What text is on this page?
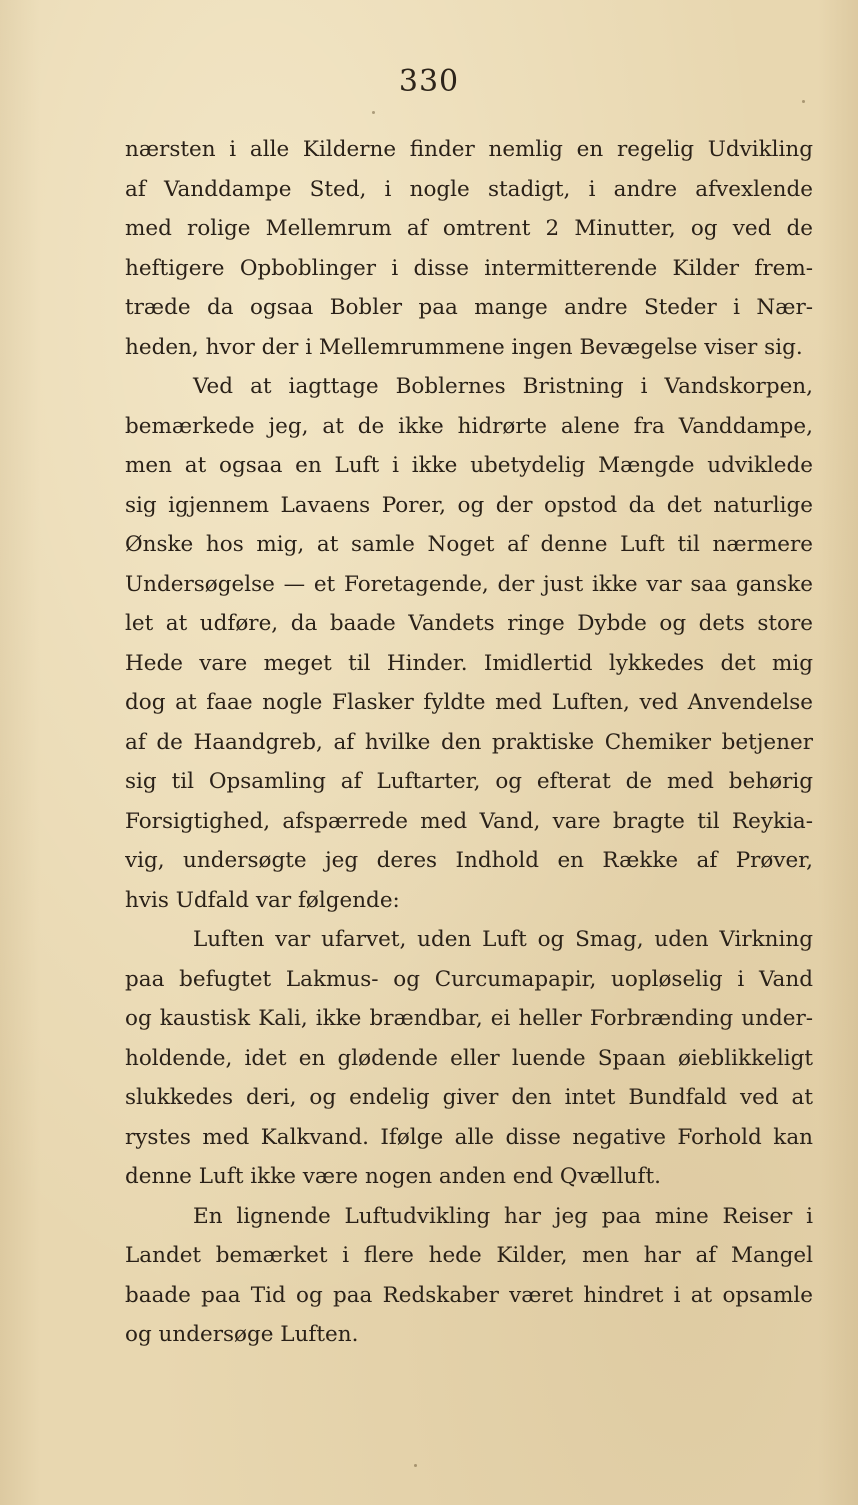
330
nærsten i alle Kilderne finder nemlig en regelig Udvikling
af Vanddampe Sted, i nogle stadigt, i andre afvexlende
med rolige Mellemrum af omtrent 2 Minutter, og ved de
heftigere Opboblinger i disse intermitterende Kilder frem-
træde da ogsaa Bobler paa mange andre Steder i Nær-
heden, hvor der i Mellemrummene ingen Bevægelse viser sig.
Ved at iagttage Boblernes Bristning i Vandskorpen,
bemærkede jeg, at de ikke hidrørte alene fra Vanddampe,
men at ogsaa en Luft i ikke ubetydelig Mængde udviklede
sig igjennem Lavaens Porer, og der opstod da det naturlige
Ønske hos mig, at samle Noget af denne Luft til nærmere
Undersøgelse — et Foretagende, der just ikke var saa ganske
let at udføre, da baade Vandets ringe Dybde og dets store
Hede vare meget til Hinder. Imidlertid lykkedes det mig
dog at faae nogle Flasker fyldte med Luften, ved Anvendelse
af de Haandgreb, af hvilke den praktiske Chemiker betjener
sig til Opsamling af Luftarter, og efterat de med behørig
Forsigtighed, afspærrede med Vand, vare bragte til Reykia-
vig, undersøgte jeg deres Indhold en Række af Prøver,
hvis Udfald var følgende:
Luften var ufarvet, uden Luft og Smag, uden Virkning
paa befugtet Lakmus- og Curcumapapir, uopløselig i Vand
og kaustisk Kali, ikke brændbar, ei heller Forbrænding under-
holdende, idet en glødende eller luende Spaan øieblikkeligt
slukkedes deri, og endelig giver den intet Bundfald ved at
rystes med Kalkvand. Ifølge alle disse negative Forhold kan
denne Luft ikke være nogen anden end Qvælluft.
En lignende Luftudvikling har jeg paa mine Reiser i
Landet bemærket i flere hede Kilder, men har af Mangel
baade paa Tid og paa Redskaber været hindret i at opsamle
og undersøge Luften.
